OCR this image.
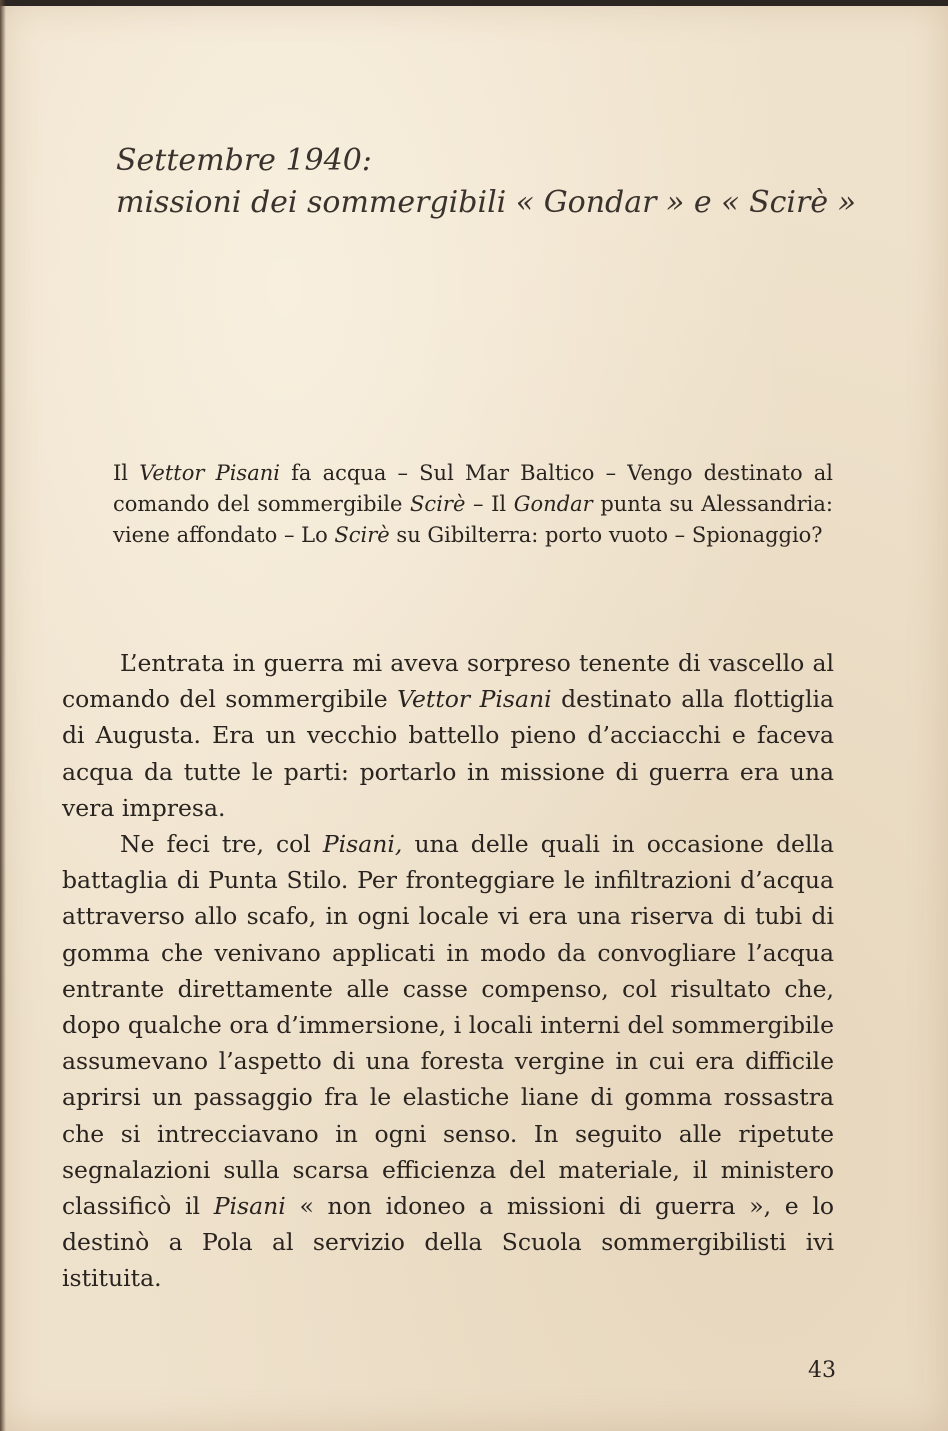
Settembre 1940:
missioni dei sommergibili « Gondar » e « Scirè »
Il Vettor Pisani fa acqua – Sul Mar Baltico – Vengo destinato al comando del sommergibile Scirè – Il Gondar punta su Alessandria: viene affondato – Lo Scirè su Gibilterra: porto vuoto – Spionaggio?

L’entrata in guerra mi aveva sorpreso tenente di vascello al comando del sommergibile Vettor Pisani destinato alla flottiglia di Augusta. Era un vecchio battello pieno d’acciacchi e faceva acqua da tutte le parti: portarlo in missione di guerra era una vera impresa.

Ne feci tre, col Pisani, una delle quali in occasione della battaglia di Punta Stilo. Per fronteggiare le infiltrazioni d’acqua attraverso allo scafo, in ogni locale vi era una riserva di tubi di gomma che venivano applicati in modo da convogliare l’acqua entrante direttamente alle casse compenso, col risultato che, dopo qualche ora d’immersione, i locali interni del sommergibile assumevano l’aspetto di una foresta vergine in cui era difficile aprirsi un passaggio fra le elastiche liane di gomma rossastra che si intrecciavano in ogni senso. In seguito alle ripetute segnalazioni sulla scarsa efficienza del materiale, il ministero classificò il Pisani « non idoneo a missioni di guerra », e lo destinò a Pola al servizio della Scuola sommergibilisti ivi istituita.

43
